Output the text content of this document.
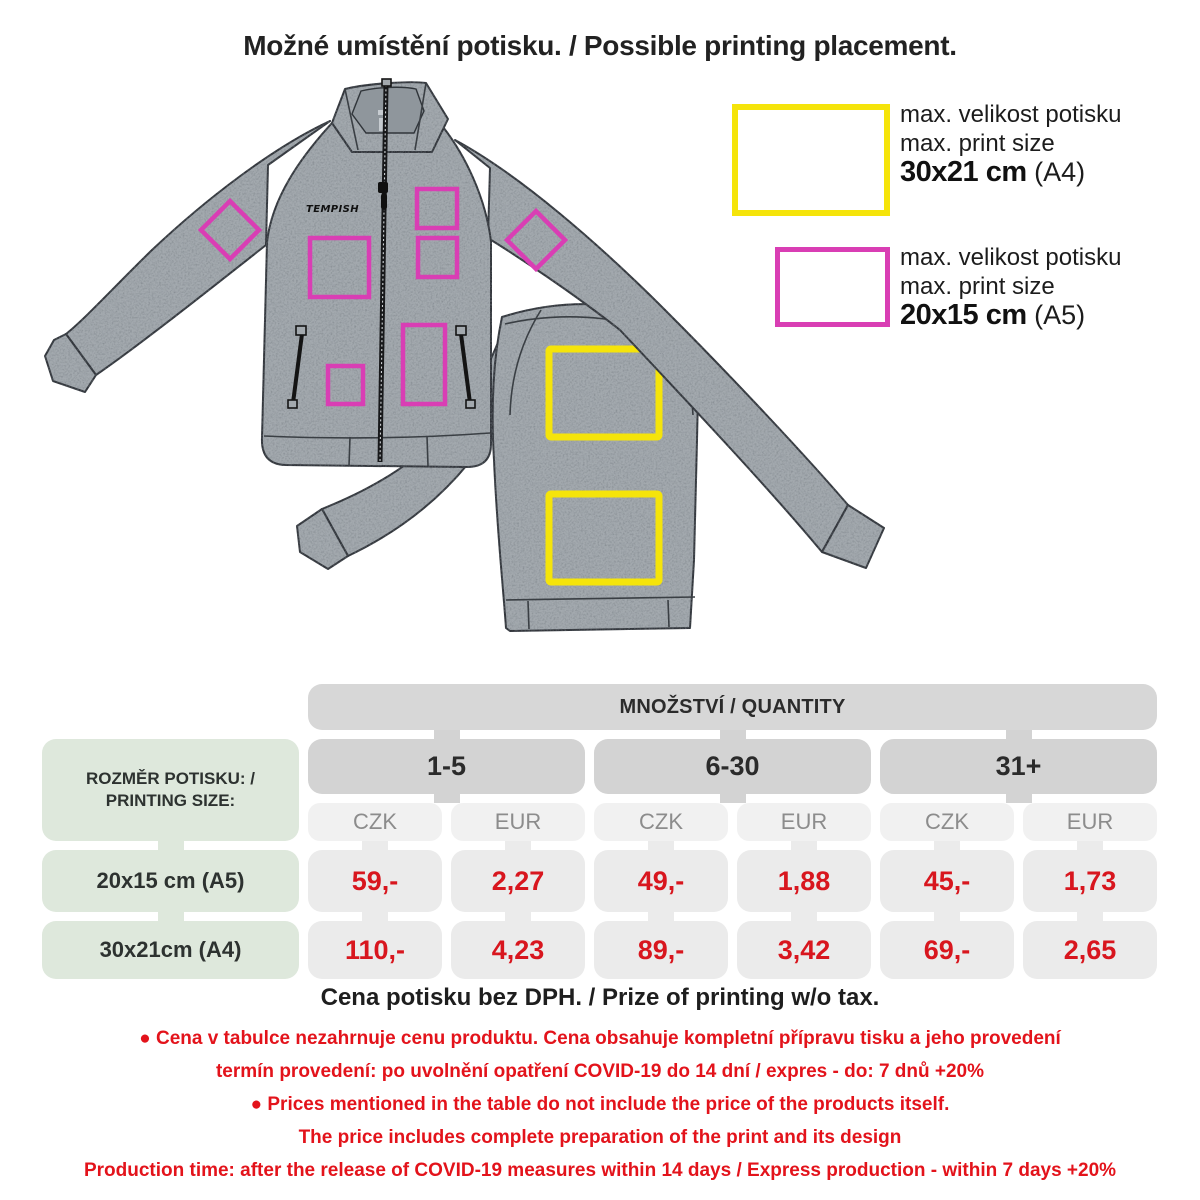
Možné umístění potisku. / Possible printing placement.
TEMPISH
max. velikost potisku
max. print size
30x21 cm (A4)
max. velikost potisku
max. print size
20x15 cm (A5)
MNOŽSTVÍ / QUANTITY
ROZMĚR POTISKU: /
PRINTING SIZE:
1-5	6-30	31+
CZK	EUR	CZK	EUR	CZK	EUR
20x15 cm (A5)	59,-	2,27	49,-	1,88	45,-	1,73
30x21cm (A4)	110,-	4,23	89,-	3,42	69,-	2,65
Cena potisku bez DPH. / Prize of printing w/o tax.
● Cena v tabulce nezahrnuje cenu produktu. Cena obsahuje kompletní přípravu tisku a jeho provedení
termín provedení: po uvolnění opatření COVID-19 do 14 dní / expres - do: 7 dnů +20%
● Prices mentioned in the table do not include the price of the products itself.
The price includes complete preparation of the print and its design
Production time: after the release of COVID-19 measures within 14 days / Express production - within 7 days +20%
